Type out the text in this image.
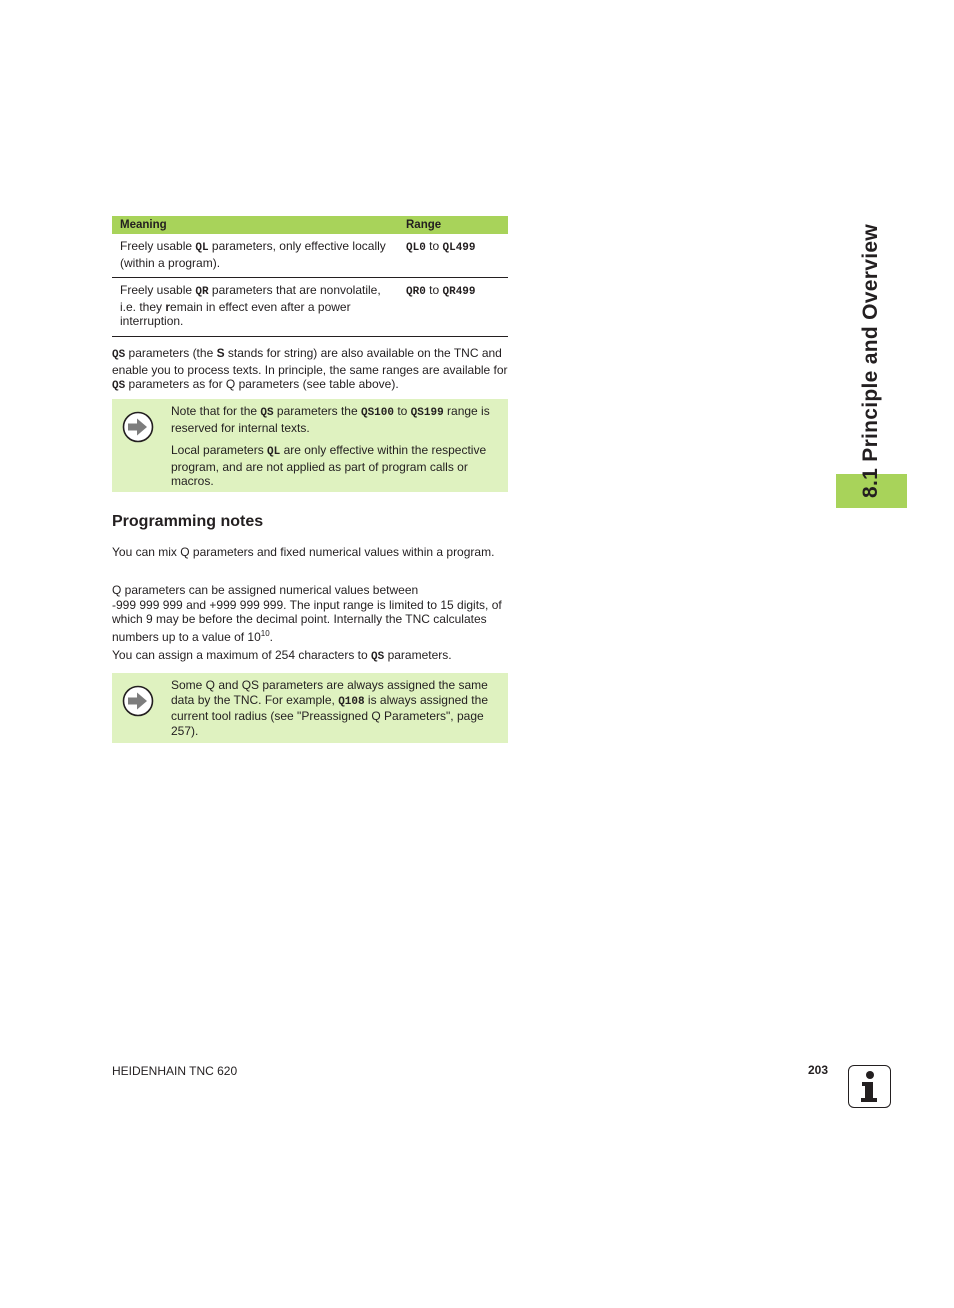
Meaning	Range
Freely usable QL parameters, only effective locally (within a program).	QL0 to QL499
Freely usable QR parameters that are nonvolatile, i.e. they remain in effect even after a power interruption.	QR0 to QR499

QS parameters (the S stands for string) are also available on the TNC and enable you to process texts. In principle, the same ranges are available for QS parameters as for Q parameters (see table above).

Note that for the QS parameters the QS100 to QS199 range is reserved for internal texts.

Local parameters QL are only effective within the respective program, and are not applied as part of program calls or macros.

Programming notes

You can mix Q parameters and fixed numerical values within a program.

Q parameters can be assigned numerical values between
-999 999 999 and +999 999 999. The input range is limited to 15 digits, of which 9 may be before the decimal point. Internally the TNC calculates numbers up to a value of $10^{10}$.

You can assign a maximum of 254 characters to QS parameters.

Some Q and QS parameters are always assigned the same data by the TNC. For example, Q108 is always assigned the current tool radius (see "Preassigned Q Parameters", page 257).

8.1 Principle and Overview
HEIDENHAIN TNC 620	203
